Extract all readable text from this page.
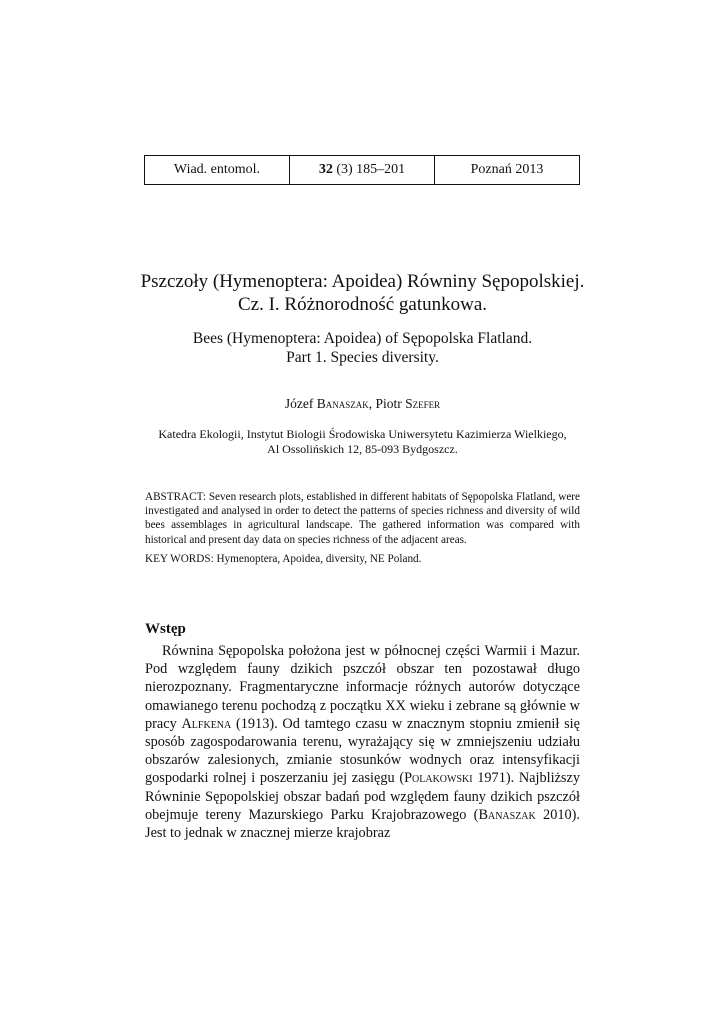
Wiad. entomol.	32
(3) 185–201	Poznań 2013
Pszczoły (Hymenoptera: Apoidea) Równiny Sępopolskiej.
Cz. I. Różnorodność gatunkowa.
Bees (Hymenoptera: Apoidea) of Sępopolska Flatland.
Part 1. Species diversity.
Józef Banaszak, Piotr Szefer
Katedra Ekologii, Instytut Biologii Środowiska Uniwersytetu Kazimierza Wielkiego,
Al Ossolińskich 12, 85-093 Bydgoszcz.

ABSTRACT: Seven research plots, established in different habitats of Sępopolska Flatland, were investigated and analysed in order to detect the patterns of species richness and diversity of wild bees assemblages in agricultural landscape. The gathered information was compared with historical and present day data on species richness of the adjacent areas.

KEY WORDS: Hymenoptera, Apoidea, diversity, NE Poland.

Wstęp

Równina Sępopolska położona jest w północnej części Warmii i Mazur. Pod względem fauny dzikich pszczół obszar ten pozostawał długo nierozpoznany. Fragmentaryczne informacje różnych autorów dotyczące omawianego terenu pochodzą z początku XX wieku i zebrane są głównie w pracy Alfkena (1913). Od tamtego czasu w znacznym stopniu zmienił się sposób zagospodarowania terenu, wyrażający się w zmniejszeniu udziału obszarów zalesionych, zmianie stosunków wodnych oraz intensyfikacji gospodarki rolnej i poszerzaniu jej zasięgu (Polakowski 1971). Najbliższy Równinie Sępopolskiej obszar badań pod względem fauny dzikich pszczół obejmuje tereny Mazurskiego Parku Krajobrazowego (Banaszak 2010). Jest to jednak w znacznej mierze krajobraz
